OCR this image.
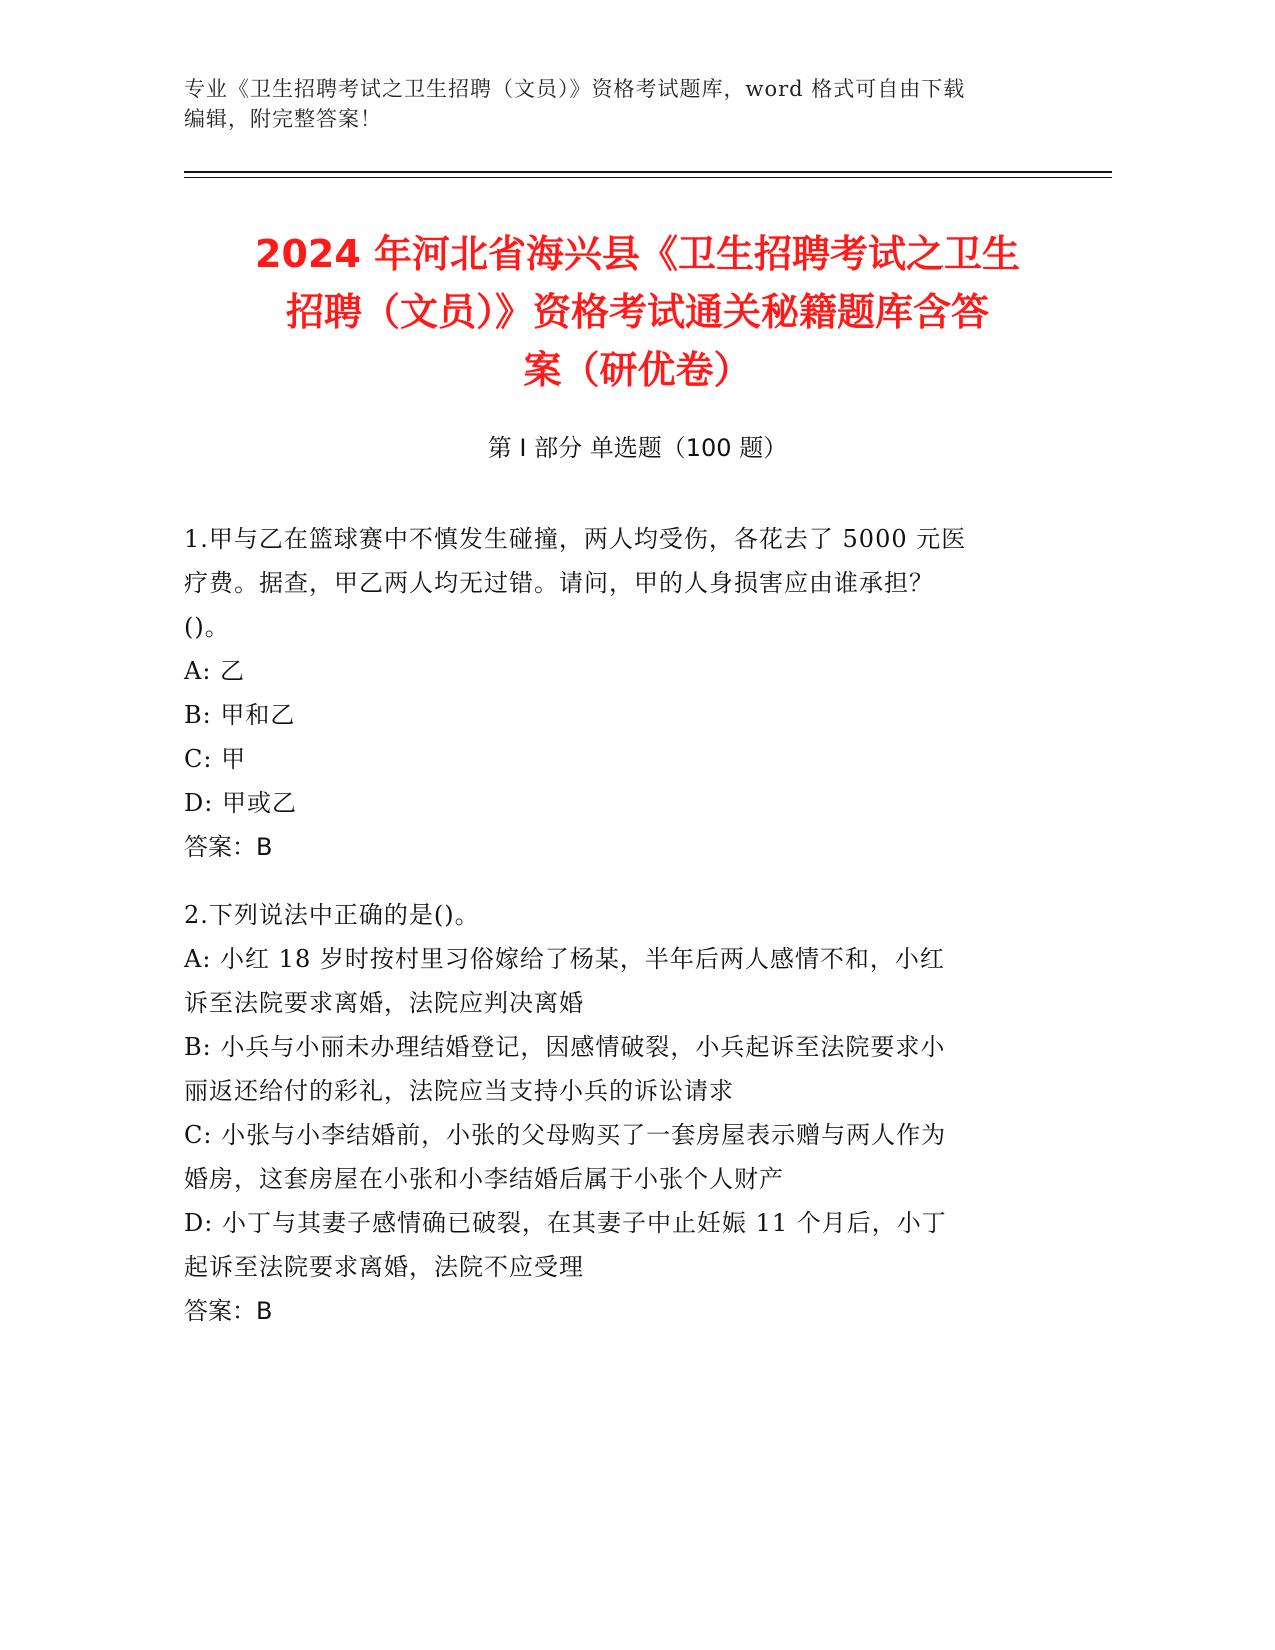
专业《卫生招聘考试之卫生招聘（文员）》资格考试题库，word 格式可自由下载
编辑，附完整答案！
2024 年河北省海兴县《卫生招聘考试之卫生
招聘（文员）》资格考试通关秘籍题库含答
案（研优卷）
第 I 部分 单选题（100 题）
1.甲与乙在篮球赛中不慎发生碰撞，两人均受伤，各花去了 5000 元医
疗费。据查，甲乙两人均无过错。请问，甲的人身损害应由谁承担？
()。
A: 乙
B: 甲和乙
C: 甲
D: 甲或乙
答案：B
2.下列说法中正确的是()。
A: 小红 18 岁时按村里习俗嫁给了杨某，半年后两人感情不和，小红
诉至法院要求离婚，法院应判决离婚
B: 小兵与小丽未办理结婚登记，因感情破裂，小兵起诉至法院要求小
丽返还给付的彩礼，法院应当支持小兵的诉讼请求
C: 小张与小李结婚前，小张的父母购买了一套房屋表示赠与两人作为
婚房，这套房屋在小张和小李结婚后属于小张个人财产
D: 小丁与其妻子感情确已破裂，在其妻子中止妊娠 11 个月后，小丁
起诉至法院要求离婚，法院不应受理
答案：B
